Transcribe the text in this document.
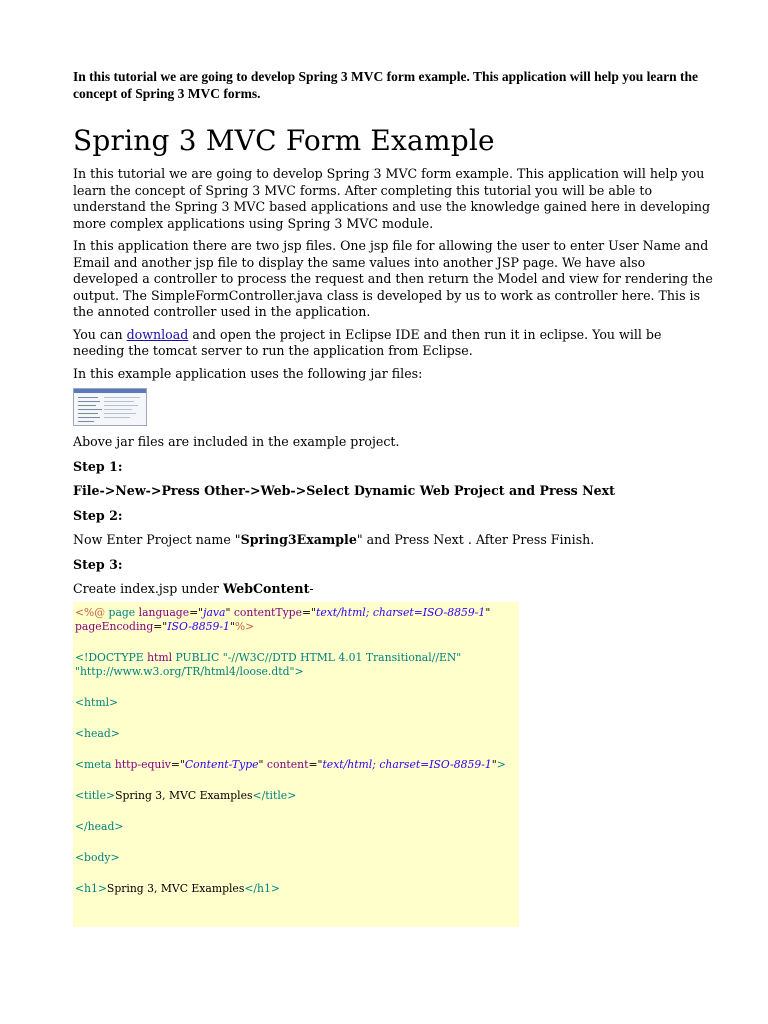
In this tutorial we are going to develop Spring 3 MVC form example. This application will help you learn the concept of Spring 3 MVC forms.

Spring 3 MVC Form Example

In this tutorial we are going to develop Spring 3 MVC form example. This application will help you learn the concept of Spring 3 MVC forms. After completing this tutorial you will be able to understand the Spring 3 MVC based applications and use the knowledge gained here in developing more complex applications using Spring 3 MVC module.

In this application there are two jsp files. One jsp file for allowing the user to enter User Name and Email and another jsp file to display the same values into another JSP page. We have also developed a controller to process the request and then return the Model and view for rendering the output. The SimpleFormController.java class is developed by us to work as controller here. This is the annoted controller used in the application.

You can download and open the project in Eclipse IDE and then run it in eclipse. You will be needing the tomcat server to run the application from Eclipse.

In this example application uses the following jar files:

Above jar files are included in the example project.

Step 1:

File->New->Press Other->Web->Select Dynamic Web Project and Press Next

Step 2:

Now Enter Project name "Spring3Example" and Press Next . After Press Finish.

Step 3:

Create index.jsp under WebContent-

<%@ page language="java" contentType="text/html; charset=ISO-8859-1"

pageEncoding="ISO-8859-1"%>

<!DOCTYPE html PUBLIC "-//W3C//DTD HTML 4.01 Transitional//EN"

"http://www.w3.org/TR/html4/loose.dtd">

<html>

<head>

<meta http-equiv="Content-Type" content="text/html; charset=ISO-8859-1">

<title>Spring 3, MVC Examples</title>

</head>

<body>

<h1>Spring 3, MVC Examples</h1>
